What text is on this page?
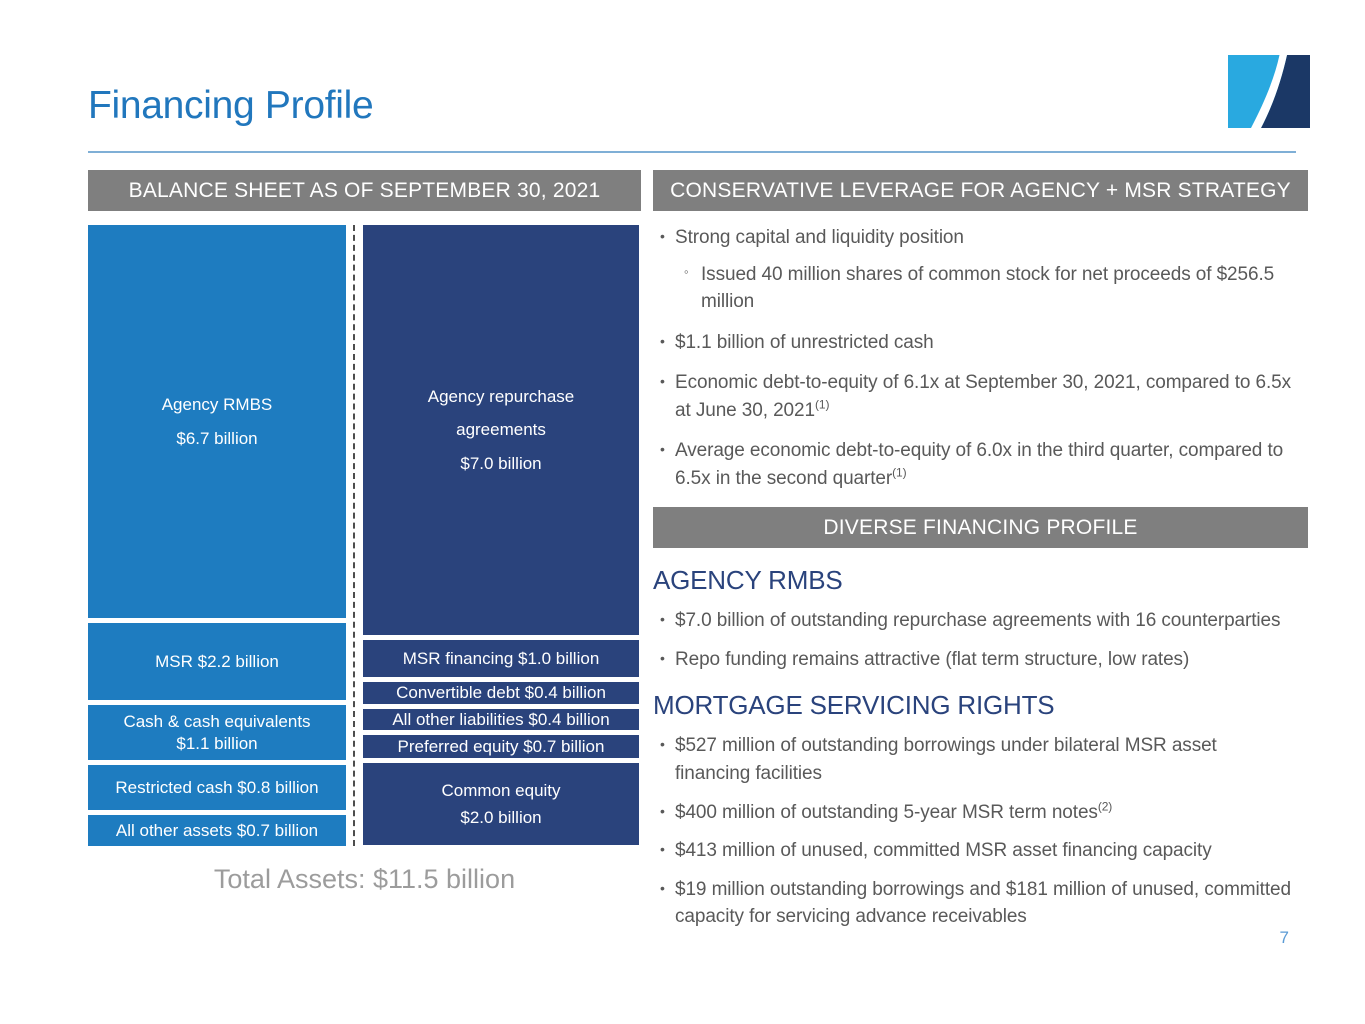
Financing Profile
BALANCE SHEET AS OF SEPTEMBER 30, 2021
Agency RMBS
$6.7 billion
MSR $2.2 billion
Cash & cash equivalents
$1.1 billion
Restricted cash $0.8 billion
All other assets $0.7 billion
Agency repurchase
agreements
$7.0 billion
MSR financing $1.0 billion
Convertible debt $0.4 billion
All other liabilities $0.4 billion
Preferred equity $0.7 billion
Common equity
$2.0 billion
Total Assets: $11.5 billion
CONSERVATIVE LEVERAGE FOR AGENCY + MSR STRATEGY
• Strong capital and liquidity position
◦ Issued 40 million shares of common stock for net proceeds of $256.5 million
• $1.1 billion of unrestricted cash
• Economic debt-to-equity of 6.1x at September 30, 2021, compared to 6.5x at June 30, 2021$^{(1)}$
• Average economic debt-to-equity of 6.0x in the third quarter, compared to 6.5x in the second quarter$^{(1)}$
DIVERSE FINANCING PROFILE
AGENCY RMBS
• $7.0 billion of outstanding repurchase agreements with 16 counterparties
• Repo funding remains attractive (flat term structure, low rates)
MORTGAGE SERVICING RIGHTS
• $527 million of outstanding borrowings under bilateral MSR asset financing facilities
• $400 million of outstanding 5-year MSR term notes$^{(2)}$
• $413 million of unused, committed MSR asset financing capacity
• $19 million outstanding borrowings and $181 million of unused, committed capacity for servicing advance receivables
7
